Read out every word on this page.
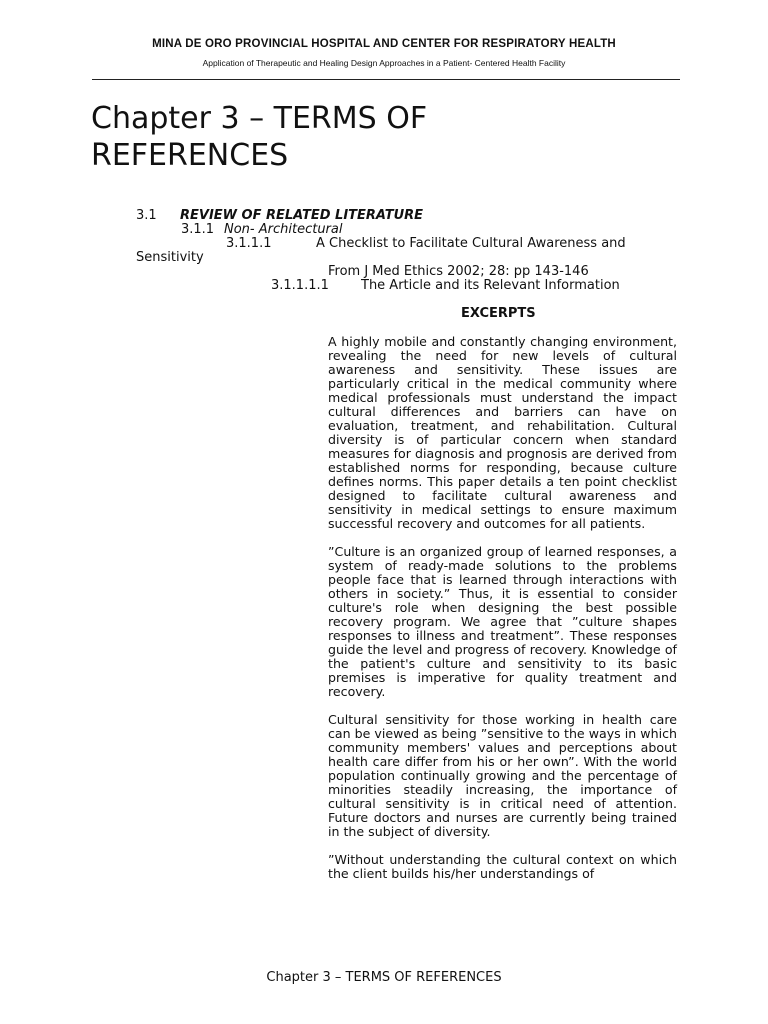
MINA DE ORO PROVINCIAL HOSPITAL AND CENTER FOR RESPIRATORY HEALTH
Application of Therapeutic and Healing Design Approaches in a Patient- Centered Health Facility
Chapter 3 – TERMS OF REFERENCES
3.1 REVIEW OF RELATED LITERATURE
3.1.1 Non- Architectural
3.1.1.1	A Checklist to Facilitate Cultural Awareness and
Sensitivity
From J Med Ethics 2002; 28: pp 143-146
3.1.1.1.1 The Article and its Relevant Information
EXCERPTS

A highly mobile and constantly changing environment, revealing the need for new levels of cultural awareness and sensitivity. These issues are particularly critical in the medical community where medical professionals must understand the impact cultural differences and barriers can have on evaluation, treatment, and rehabilitation. Cultural diversity is of particular concern when standard measures for diagnosis and prognosis are derived from established norms for responding, because culture defines norms. This paper details a ten point checklist designed to facilitate cultural awareness and sensitivity in medical settings to ensure maximum successful recovery and outcomes for all patients.

”Culture is an organized group of learned responses, a system of ready-made solutions to the problems people face that is learned through interactions with others in society.” Thus, it is essential to consider culture's role when designing the best possible recovery program. We agree that ”culture shapes responses to illness and treatment”. These responses guide the level and progress of recovery. Knowledge of the patient's culture and sensitivity to its basic premises is imperative for quality treatment and recovery.

Cultural sensitivity for those working in health care can be viewed as being ”sensitive to the ways in which community members' values and perceptions about health care differ from his or her own”. With the world population continually growing and the percentage of minorities steadily increasing, the importance of cultural sensitivity is in critical need of attention. Future doctors and nurses are currently being trained in the subject of diversity.

”Without understanding the cultural context on which the client builds his/her understandings of

Chapter 3 – TERMS OF REFERENCES
